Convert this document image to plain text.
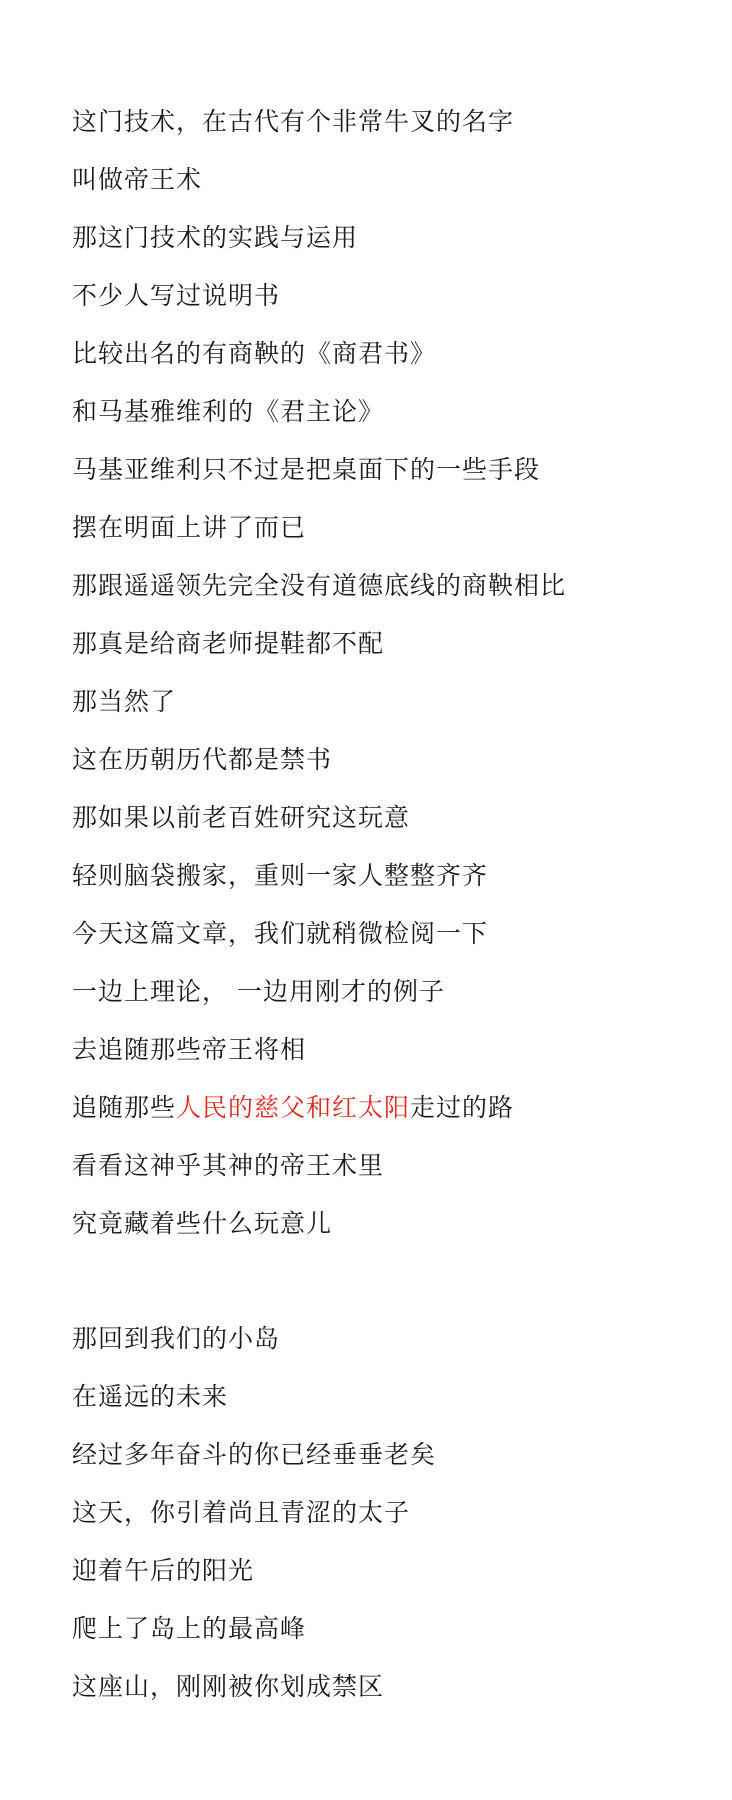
这门技术，在古代有个非常牛叉的名字
叫做帝王术
那这门技术的实践与运用
不少人写过说明书
比较出名的有商鞅的《商君书》
和马基雅维利的《君主论》
马基亚维利只不过是把桌面下的一些手段
摆在明面上讲了而已
那跟遥遥领先完全没有道德底线的商鞅相比
那真是给商老师提鞋都不配
那当然了
这在历朝历代都是禁书
那如果以前老百姓研究这玩意
轻则脑袋搬家，重则一家人整整齐齐
今天这篇文章，我们就稍微检阅一下
一边上理论， 一边用刚才的例子
去追随那些帝王将相
追随那些人民的慈父和红太阳走过的路
看看这神乎其神的帝王术里
究竟藏着些什么玩意儿
那回到我们的小岛
在遥远的未来
经过多年奋斗的你已经垂垂老矣
这天，你引着尚且青涩的太子
迎着午后的阳光
爬上了岛上的最高峰
这座山，刚刚被你划成禁区
